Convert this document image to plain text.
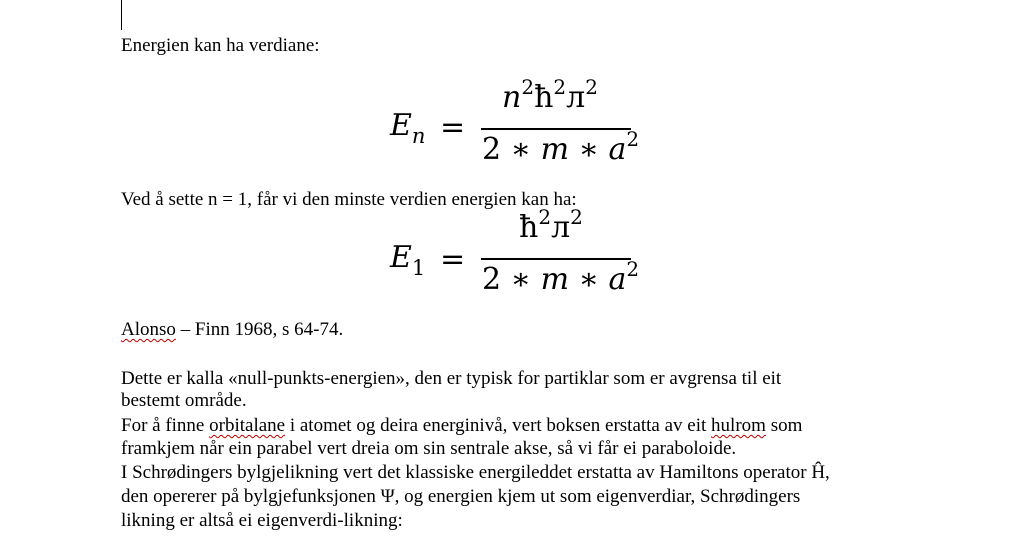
Energien kan ha verdiane:
$E_n$ =
$n^2ħ^2л^2$
2 ∗ m ∗ $a^2$
Ved å sette n = 1, får vi den minste verdien energien kan ha:
$E_1$ =
$ħ^2л^2$
2 ∗ m ∗ $a^2$
Alonso – Finn 1968, s 64-74.
Dette er kalla «null-punkts-energien», den er typisk for partiklar som er avgrensa til eit
bestemt område.
For å finne orbitalane i atomet og deira energinivå, vert boksen erstatta av eit hulrom som
framkjem når ein parabel vert dreia om sin sentrale akse, så vi får ei paraboloide.
I Schrødingers bylgjelikning vert det klassiske energileddet erstatta av Hamiltons operator Ĥ,
den opererer på bylgjefunksjonen Ψ, og energien kjem ut som eigenverdiar, Schrødingers
likning er altså ei eigenverdi-likning:
